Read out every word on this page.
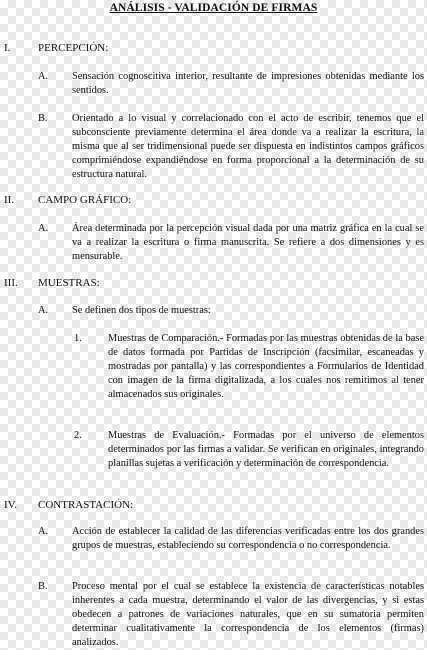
ANÁLISIS - VALIDACIÓN DE FIRMAS
I.	PERCEPCIÓN:
A. Sensación cognoscitiva interior, resultante de impresiones obtenidas mediante los sentidos.
B. Orientado a lo visual y correlacionado con el acto de escribir, tenemos que el subconsciente previamente determina el área donde va a realizar la escritura, la misma que al ser tridimensional puede ser dispuesta en indistintos campos gráficos comprimiéndose expandiéndose en forma proporcional a la determinación de su estructura natural.
II.	CAMPO GRÁFICO:
A. Área determinada por la percepción visual dada por una matriz gráfica en la cual se va a realizar la escritura o firma manuscrita. Se refiere a dos dimensiones y es mensurable.
III.	MUESTRAS:
A. Se definen dos tipos de muestras:
1.	Muestras de Comparación.- Formadas por las muestras obtenidas de la base de datos formada por Partidas de Inscripción (facsimilar, escaneadas y mostradas por pantalla) y las correspondientes a Formularios de Identidad con imagen de la firma digitalizada, a los cuales nos remitimos al tener almacenados sus originales.
2.	Muestras de Evaluación.- Formadas por el universo de elementos determinados por las firmas a validar. Se verifican en originales, integrando planillas sujetas a verificación y determinación de correspondencia.
IV.	CONTRASTACIÓN:
A. Acción de establecer la calidad de las diferencias verificadas entre los dos grandes grupos de muestras, estableciendo su correspondencia o no correspondencia.
B. Proceso mental por el cual se establece la existencia de características notables inherentes a cada muestra, determinando el valor de las divergencias, y si estas obedecen a patrones de variaciones naturales, que en su sumatoria permiten determinar cualitativamente la correspondencia de los elementos (firmas) analizados.
